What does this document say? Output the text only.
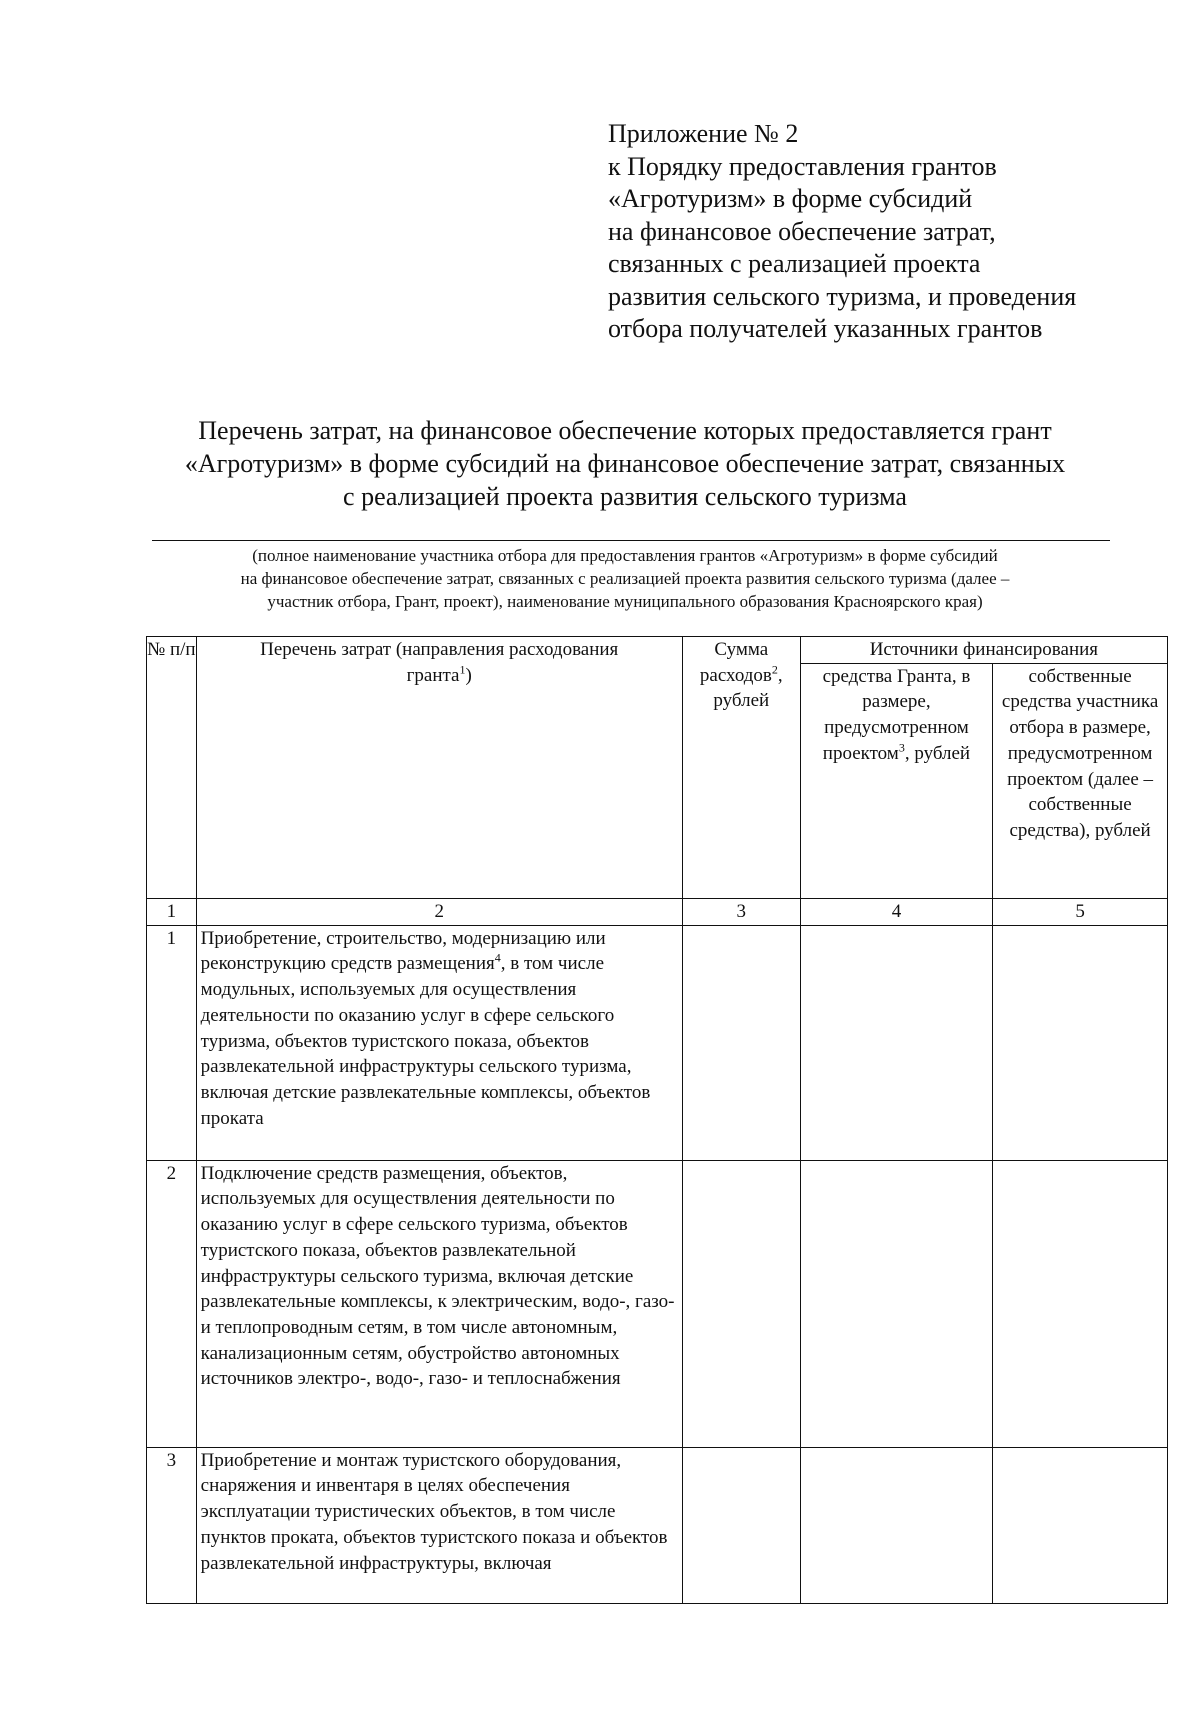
Приложение № 2
к Порядку предоставления грантов
«Агротуризм» в форме субсидий
на финансовое обеспечение затрат,
связанных с реализацией проекта
развития сельского туризма, и проведения
отбора получателей указанных грантов
Перечень затрат, на финансовое обеспечение которых предоставляется грант
«Агротуризм» в форме субсидий на финансовое обеспечение затрат, связанных
с реализацией проекта развития сельского туризма
(полное наименование участника отбора для предоставления грантов «Агротуризм» в форме субсидий
на финансовое обеспечение затрат, связанных с реализацией проекта развития сельского туризма (далее –
участник отбора, Грант, проект), наименование муниципального образования Красноярского края)
№ п/п	Перечень затрат (направления расходования гранта$^1$)	Сумма расходов$^2$, рублей	Источники финансирования	
			средства Гранта, в размере, предусмотренном проектом$^3$, рублей	собственные средства участника отбора в размере, предусмотренном проектом (далее – собственные средства), рублей
1	2	3	4	5
1	Приобретение, строительство, модернизацию или реконструкцию средств размещения$^4$, в том числе модульных, используемых для осуществления деятельности по оказанию услуг в сфере сельского туризма, объектов туристского показа, объектов развлекательной инфраструктуры сельского туризма, включая детские развлекательные комплексы, объектов проката			
2	Подключение средств размещения, объектов, используемых для осуществления деятельности по оказанию услуг в сфере сельского туризма, объектов туристского показа, объектов развлекательной инфраструктуры сельского туризма, включая детские развлекательные комплексы, к электрическим, водо-, газо- и теплопроводным сетям, в том числе автономным, канализационным сетям, обустройство автономных источников электро-, водо-, газо- и теплоснабжения			
3	Приобретение и монтаж туристского оборудования, снаряжения и инвентаря в целях обеспечения эксплуатации туристических объектов, в том числе пунктов проката, объектов туристского показа и объектов развлекательной инфраструктуры, включая			
